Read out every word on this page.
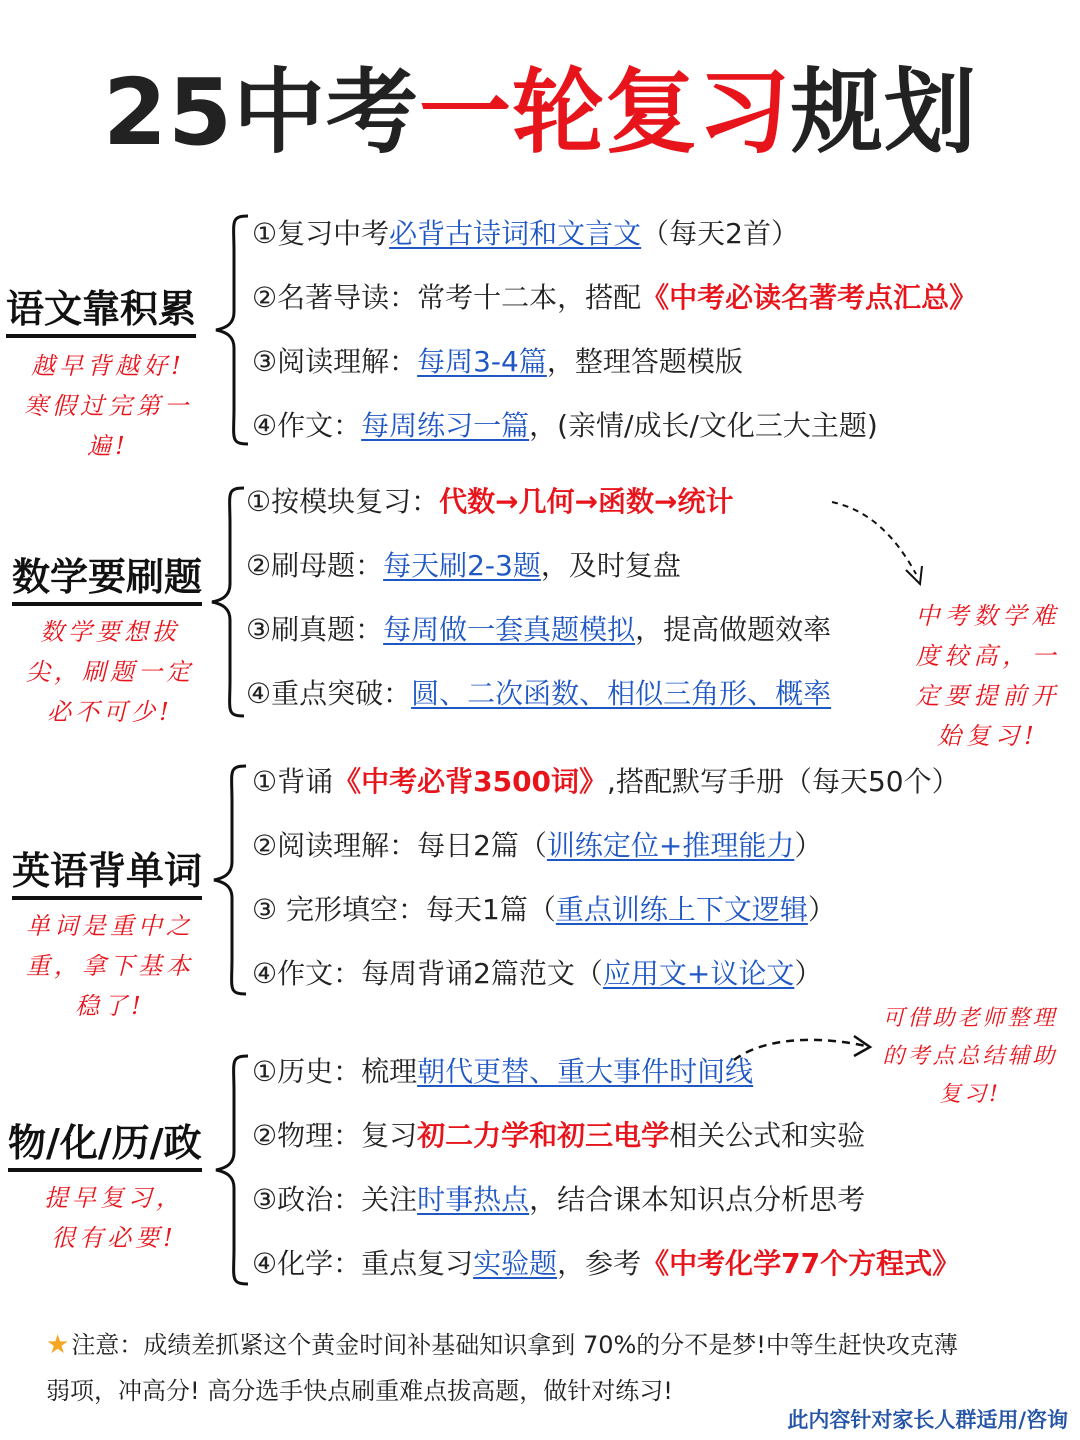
25中考一轮复习规划
语文靠积累
越早背越好!
寒假过完第一
遍!
①复习中考必背古诗词和文言文（每天2首）
②名著导读：常考十二本，搭配《中考必读名著考点汇总》
③阅读理解：每周3-4篇，整理答题模版
④作文：每周练习一篇，(亲情/成长/文化三大主题)
数学要刷题
数学要想拔
尖，刷题一定
必不可少!
①按模块复习：代数→几何→函数→统计
②刷母题：每天刷2-3题，及时复盘
③刷真题：每周做一套真题模拟，提高做题效率
④重点突破：圆、二次函数、相似三角形、概率
中考数学难
度较高，一
定要提前开
始复习!
英语背单词
单词是重中之
重，拿下基本
稳了!
①背诵《中考必背3500词》,搭配默写手册（每天50个）
②阅读理解：每日2篇（训练定位+推理能力）
③ 完形填空：每天1篇（重点训练上下文逻辑）
④作文：每周背诵2篇范文（应用文+议论文）
物/化/历/政
提早复习，
很有必要!
①历史：梳理朝代更替、重大事件时间线
②物理：复习初二力学和初三电学相关公式和实验
③政治：关注时事热点，结合课本知识点分析思考
④化学：重点复习实验题，参考《中考化学77个方程式》
可借助老师整理
的考点总结辅助
复习!
★注意：成绩差抓紧这个黄金时间补基础知识拿到 70%的分不是梦!中等生赶快攻克薄
弱项，冲高分! 高分选手快点刷重难点拔高题，做针对练习!
此内容针对家长人群适用/咨询
